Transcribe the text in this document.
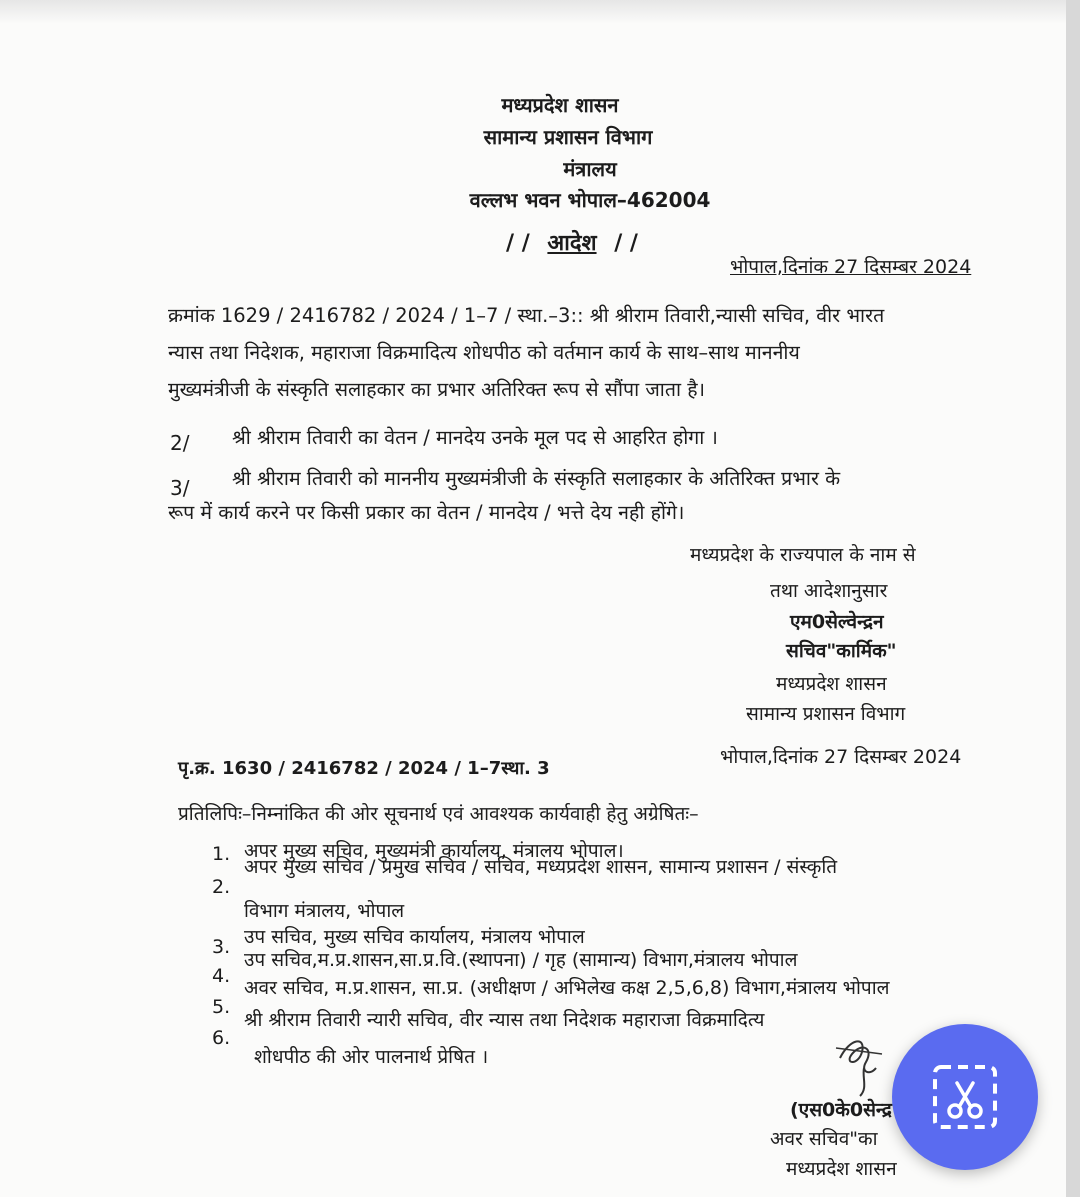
मध्यप्रदेश शासन
सामान्य प्रशासन विभाग
मंत्रालय
वल्लभ भवन भोपाल–462004
/ / आदेश / /
भोपाल,दिनांक 27 दिसम्बर 2024
क्रमांक 1629 / 2416782 / 2024 / 1–7 / स्था.–3:: श्री श्रीराम तिवारी,न्यासी सचिव, वीर भारत
न्यास तथा निदेशक, महाराजा विक्रमादित्य शोधपीठ को वर्तमान कार्य के साथ–साथ माननीय
मुख्यमंत्रीजी के संस्कृति सलाहकार का प्रभार अतिरिक्त रूप से सौंपा जाता है।
2/ श्री श्रीराम तिवारी का वेतन / मानदेय उनके मूल पद से आहरित होगा ।
3/ श्री श्रीराम तिवारी को माननीय मुख्यमंत्रीजी के संस्कृति सलाहकार के अतिरिक्त प्रभार के
रूप में कार्य करने पर किसी प्रकार का वेतन / मानदेय / भत्ते देय नही होंगे।
मध्यप्रदेश के राज्यपाल के नाम से
तथा आदेशानुसार
एम0सेल्वेन्द्रन
सचिव"कार्मिक"
मध्यप्रदेश शासन
सामान्य प्रशासन विभाग
पृ.क्र. 1630 / 2416782 / 2024 / 1–7स्था. 3
भोपाल,दिनांक 27 दिसम्बर 2024
प्रतिलिपिः–निम्नांकित की ओर सूचनार्थ एवं आवश्यक कार्यवाही हेतु अग्रेषितः–
1. अपर मुख्य सचिव, मुख्यमंत्री कार्यालय, मंत्रालय भोपाल।
2.
अपर मुख्य सचिव / प्रमुख सचिव / सचिव, मध्यप्रदेश शासन, सामान्य प्रशासन / संस्कृति
विभाग मंत्रालय, भोपाल
3. उप सचिव, मुख्य सचिव कार्यालय, मंत्रालय भोपाल
4.
उप सचिव,म.प्र.शासन,सा.प्र.वि.(स्थापना) / गृह (सामान्य) विभाग,मंत्रालय भोपाल
5.
अवर सचिव, म.प्र.शासन, सा.प्र. (अधीक्षण / अभिलेख कक्ष 2,5,6,8) विभाग,मंत्रालय भोपाल
6.
श्री श्रीराम तिवारी न्यारी सचिव, वीर न्यास तथा निदेशक महाराजा विक्रमादित्य
शोधपीठ की ओर पालनार्थ प्रेषित ।
(एस0के0सेन्द्र
अवर सचिव"का
मध्यप्रदेश शासन
